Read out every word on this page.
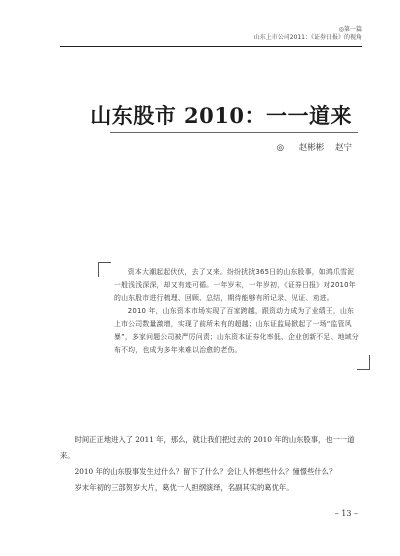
◎第一篇
山东上市公司2011：《证券日报》的视角
山东股市 2010：一一道来
◎ 赵彬彬 赵宁

资本大潮起起伏伏，去了又来。纷纷扰扰365日的山东股事，如鸿爪雪泥一般浅浅深深，却又有迹可循。一年岁末，一年岁初，《证券日报》对2010年的山东股市进行梳理、回顾、总结，期待能够有所记录、见证、劝进。

2010 年，山东资本市场实现了百家跨越，跟资动力成为了业绩王，山东上市公司数量激增，实现了前所未有的超越；山东证监局掀起了一场“监管风暴”，多家问题公司被严厉问责；山东资本证券化率低、企业创新不足、地域分布不均，也成为多年来难以治愈的老伤。

时间正正地进入了 2011 年，那么，就让我们把过去的 2010 年的山东股事，也一一道来。

2010 年的山东股事发生过什么？留下了什么？会让人怀想些什么？憧憬些什么？

岁末年初的三部贺岁大片，葛优一人担纲演绎，名副其实的葛优年。

– 13 –
